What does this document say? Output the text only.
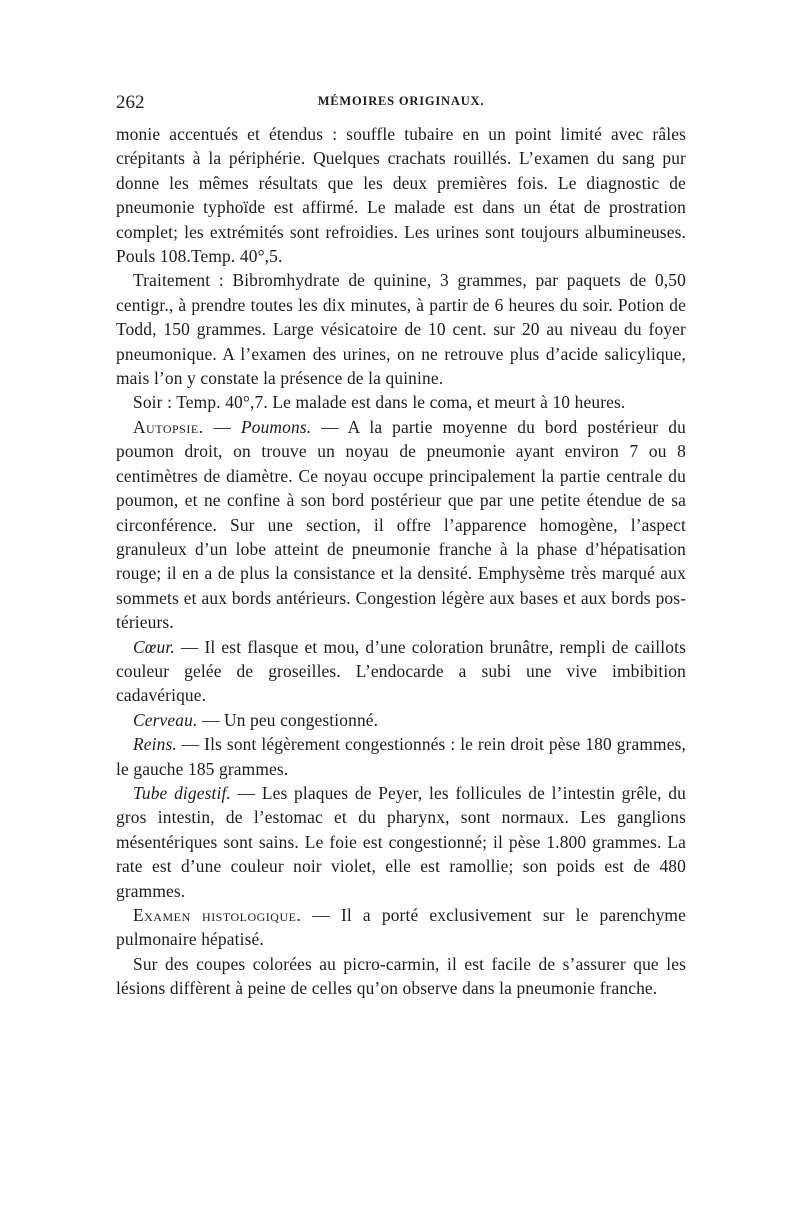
262	MÉMOIRES ORIGINAUX.

monie accentués et étendus : souffle tubaire en un point limité avec râles crépitants à la périphérie. Quelques crachats rouillés. L’examen du sang pur donne les mêmes résultats que les deux premières fois. Le diagnostic de pneumonie typhoïde est affirmé. Le malade est dans un état de prostration complet; les extrémités sont refroidies. Les urines sont toujours albumineuses. Pouls 108.Temp. 40°,5.

Traitement : Bibromhydrate de quinine, 3 grammes, par paquets de 0,50 centigr., à prendre toutes les dix minutes, à partir de 6 heures du soir. Potion de Todd, 150 grammes. Large vésicatoire de 10 cent. sur 20 au niveau du foyer pneumonique. A l’examen des urines, on ne retrouve plus d’acide salicylique, mais l’on y constate la présence de la quinine.

Soir : Temp. 40°,7. Le malade est dans le coma, et meurt à 10 heures.

Autopsie. — Poumons. — A la partie moyenne du bord postérieur du poumon droit, on trouve un noyau de pneumonie ayant environ 7 ou 8 centimètres de diamètre. Ce noyau occupe principalement la partie centrale du poumon, et ne confine à son bord postérieur que par une petite étendue de sa circonférence. Sur une section, il offre l’apparence homogène, l’aspect granuleux d’un lobe atteint de pneumonie franche à la phase d’hépatisation rouge; il en a de plus la consistance et la densité. Emphysème très marqué aux sommets et aux bords antérieurs. Congestion légère aux bases et aux bords postérieurs.

Cœur. — Il est flasque et mou, d’une coloration brunâtre, rempli de caillots couleur gelée de groseilles. L’endocarde a subi une vive imbibition cadavérique.

Cerveau. — Un peu congestionné.

Reins. — Ils sont légèrement congestionnés : le rein droit pèse 180 grammes, le gauche 185 grammes.

Tube digestif. — Les plaques de Peyer, les follicules de l’intestin grêle, du gros intestin, de l’estomac et du pharynx, sont normaux. Les ganglions mésentériques sont sains. Le foie est congestionné; il pèse 1.800 grammes. La rate est d’une couleur noir violet, elle est ramollie; son poids est de 480 grammes.

Examen histologique. — Il a porté exclusivement sur le parenchyme pulmonaire hépatisé.

Sur des coupes colorées au picro-carmin, il est facile de s’assurer que les lésions diffèrent à peine de celles qu’on observe dans la pneumonie franche.
